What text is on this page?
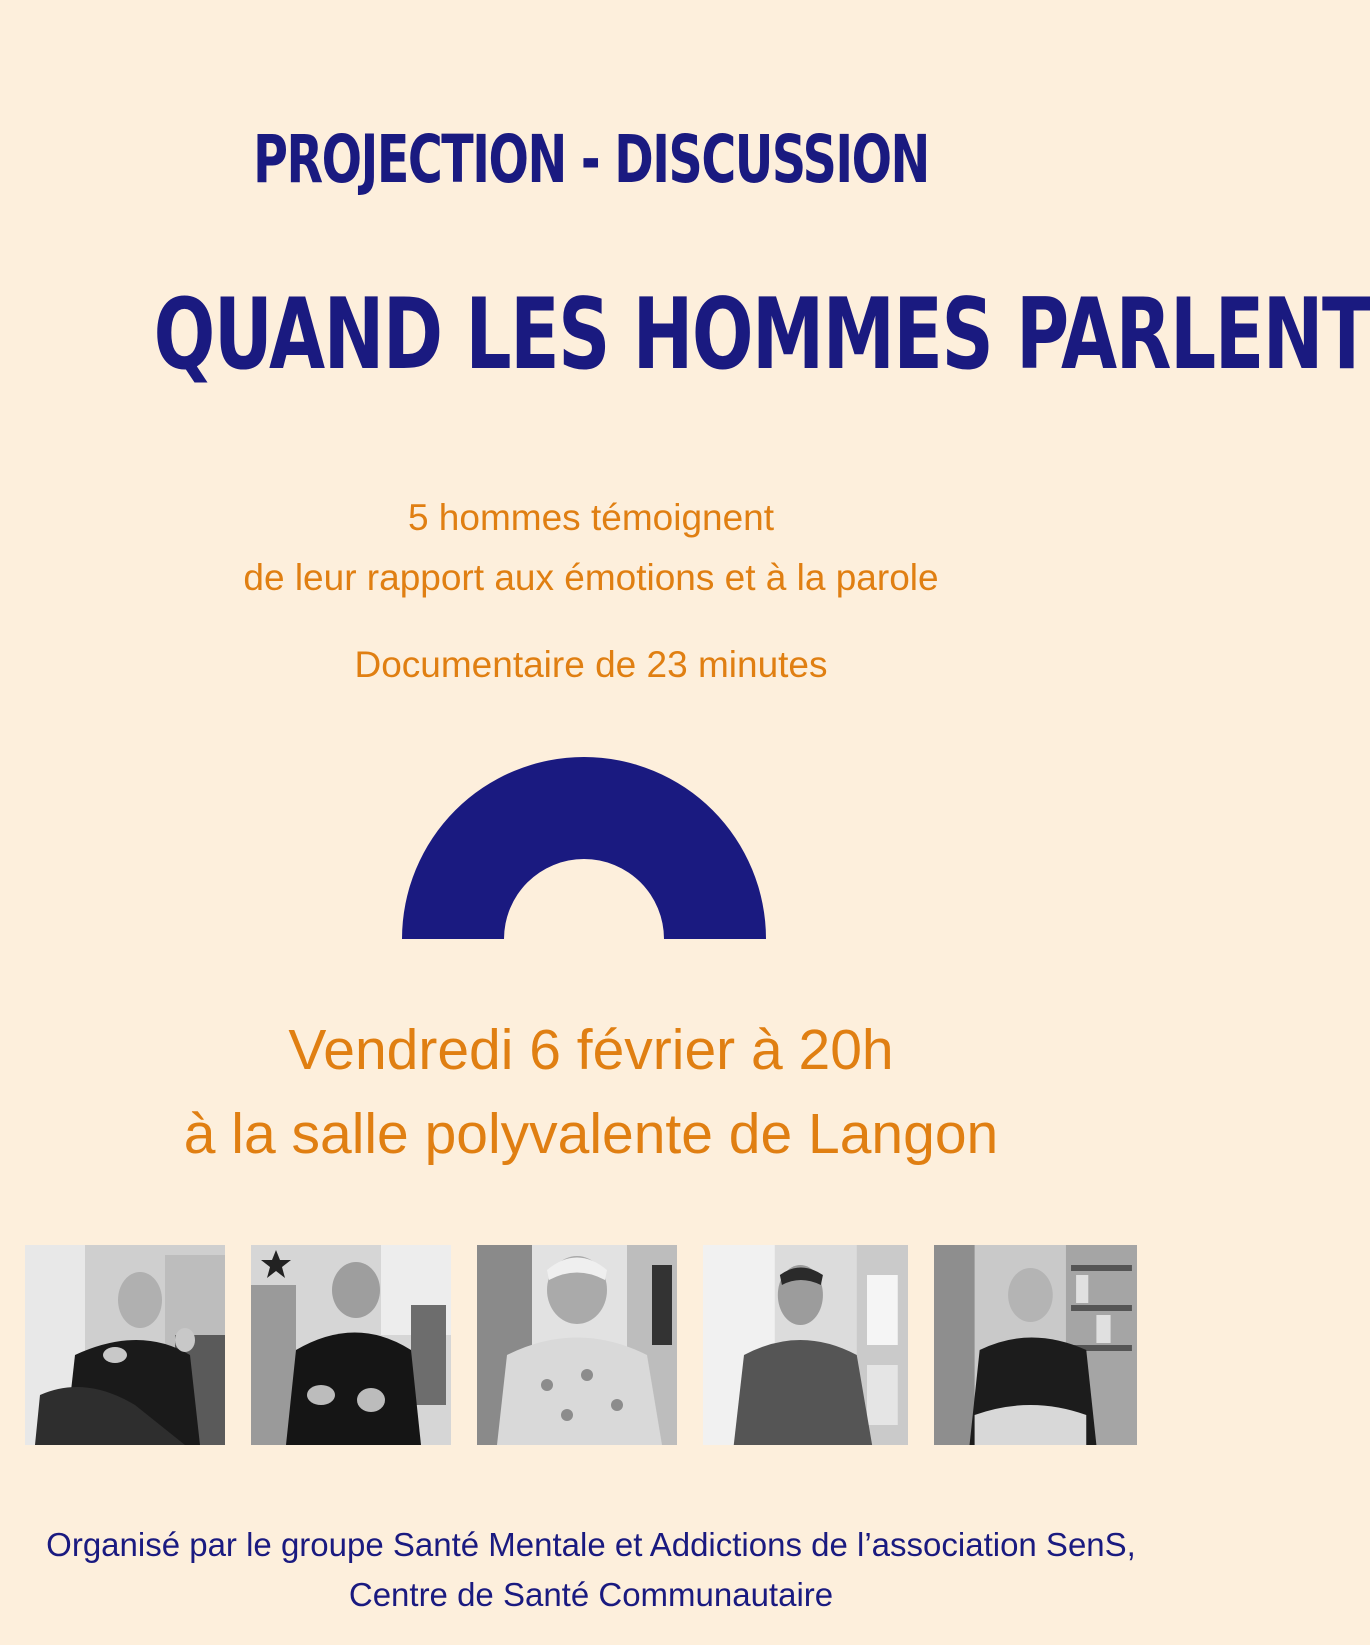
PROJECTION - DISCUSSION
QUAND LES HOMMES PARLENT
5 hommes témoignent
de leur rapport aux émotions et à la parole
Documentaire de 23 minutes
Vendredi 6 février à 20h
à la salle polyvalente de Langon
Organisé par le groupe Santé Mentale et Addictions de l’association SenS,
Centre de Santé Communautaire
